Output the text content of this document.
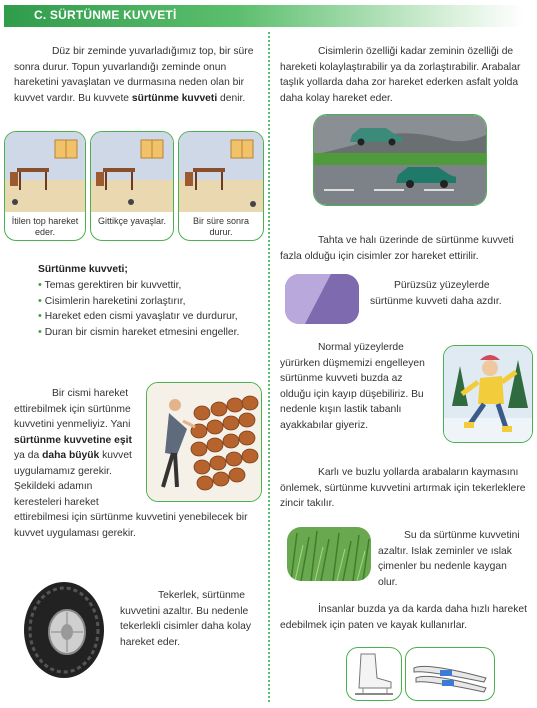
C. SÜRTÜNME KUVVETİ

Düz bir zeminde yuvarladığımız top, bir süre sonra durur. Topun yuvarlandığı zeminde onun hareketini yavaşlatan ve durmasına neden olan bir kuvvet vardır. Bu kuvvete sürtünme kuvveti denir.

İtilen top hareket eder.
Gittikçe yavaşlar.	Bir süre sonra durur.

Sürtünme kuvveti;

• Temas gerektiren bir kuvvettir,
• Cisimlerin hareketini zorlaştırır,
• Hareket eden cismi yavaşlatır ve durdurur,
• Duran bir cismin hareket etmesini engeller.

Bir cismi hareket ettirebilmek için sürtünme kuvvetini yenmeliyiz. Yani sürtünme kuvvetine eşit ya da daha büyük kuvvet uygulamamız gerekir. Şekildeki adamın keresteleri hareket ettirebilmesi için sürtünme kuvvetini yenebilecek bir kuvvet uygulaması gerekir.

Tekerlek, sürtünme kuvvetini azaltır. Bu nedenle tekerlekli cisimler daha kolay hareket eder.

Cisimlerin özelliği kadar zeminin özelliği de hareketi kolaylaştırabilir ya da zorlaştırabilir. Arabalar taşlık yollarda daha zor hareket ederken asfalt yolda daha kolay hareket eder.

Tahta ve halı üzerinde de sürtünme kuvveti fazla olduğu için cisimler zor hareket ettirilir.

Pürüzsüz yüzeylerde sürtünme kuvveti daha azdır.

Normal yüzeylerde yürürken düşmemizi engelleyen sürtünme kuvveti buzda az olduğu için kayıp düşebiliriz. Bu nedenle kışın lastik tabanlı ayakkabılar giyeriz.

Karlı ve buzlu yollarda arabaların kaymasını önlemek, sürtünme kuvvetini artırmak için tekerleklere zincir takılır.

Su da sürtünme kuvvetini azaltır. Islak zeminler ve ıslak çimenler bu nedenle kaygan olur.

İnsanlar buzda ya da karda daha hızlı hareket edebilmek için paten ve kayak kullanırlar.
